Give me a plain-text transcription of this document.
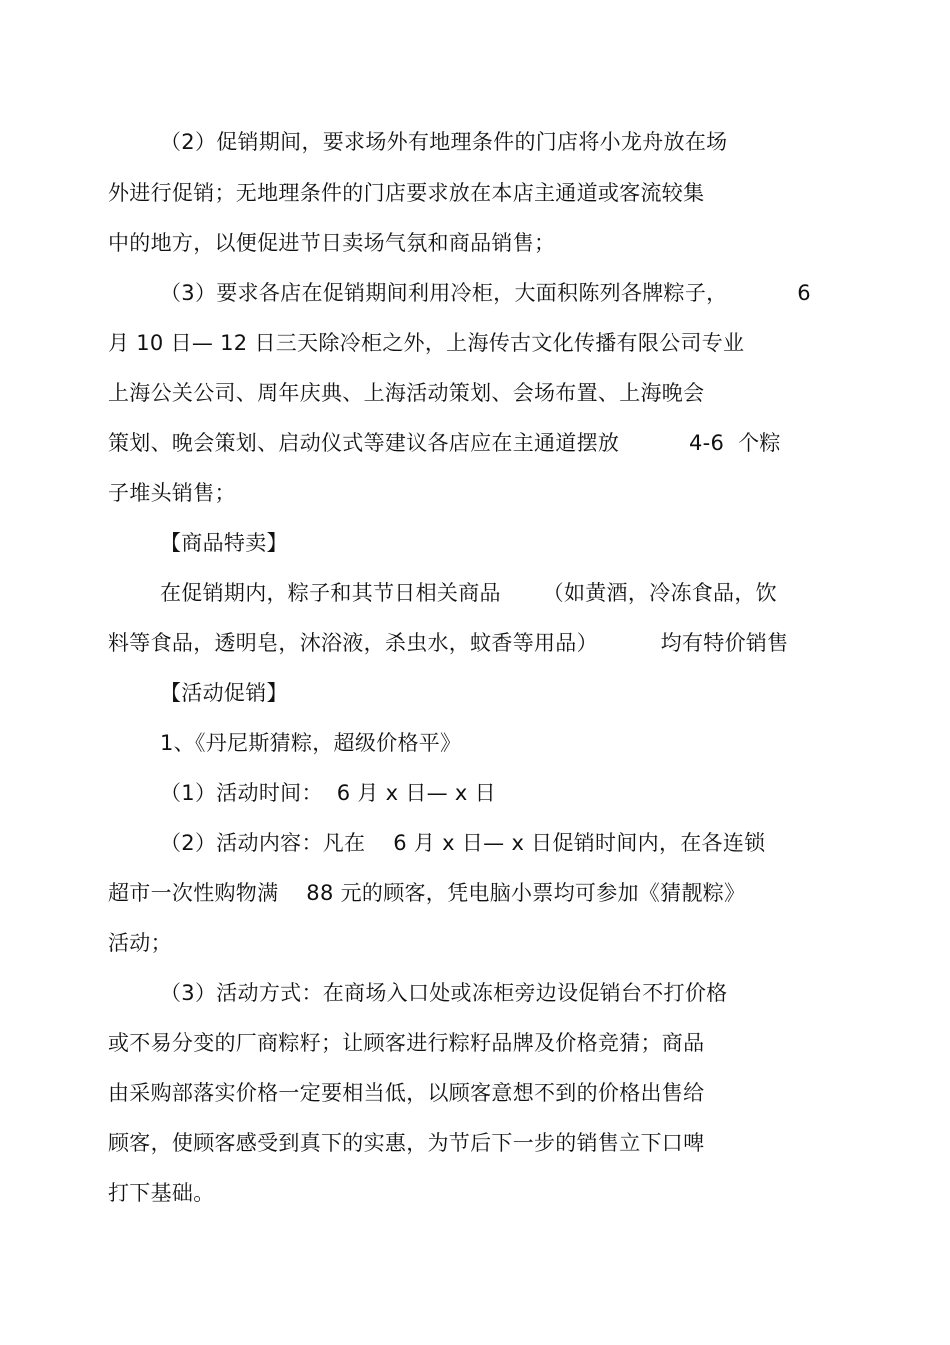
（2）促销期间，要求场外有地理条件的门店将小龙舟放在场
外进行促销；无地理条件的门店要求放在本店主通道或客流较集
中的地方，以便促进节日卖场气氛和商品销售；
（3）要求各店在促销期间利用冷柜，大面积陈列各牌粽子，          6
月 10 日— 12 日三天除冷柜之外，上海传古文化传播有限公司专业
上海公关公司、周年庆典、上海活动策划、会场布置、上海晚会
策划、晚会策划、启动仪式等建议各店应在主通道摆放          4-6  个粽
子堆头销售；
【商品特卖】
在促销期内，粽子和其节日相关商品      （如黄酒，冷冻食品，饮
料等食品，透明皂，沐浴液，杀虫水，蚊香等用品）         均有特价销售
【活动促销】
1、《丹尼斯猜粽，超级价格平》
（1）活动时间：  6 月 x 日— x 日
（2）活动内容：凡在    6 月 x 日— x 日促销时间内，在各连锁
超市一次性购物满    88 元的顾客，凭电脑小票均可参加《猜靓粽》
活动；
（3）活动方式：在商场入口处或冻柜旁边设促销台不打价格
或不易分变的厂商粽籽；让顾客进行粽籽品牌及价格竞猜；商品
由采购部落实价格一定要相当低，以顾客意想不到的价格出售给
顾客，使顾客感受到真下的实惠，为节后下一步的销售立下口啤
打下基础。
